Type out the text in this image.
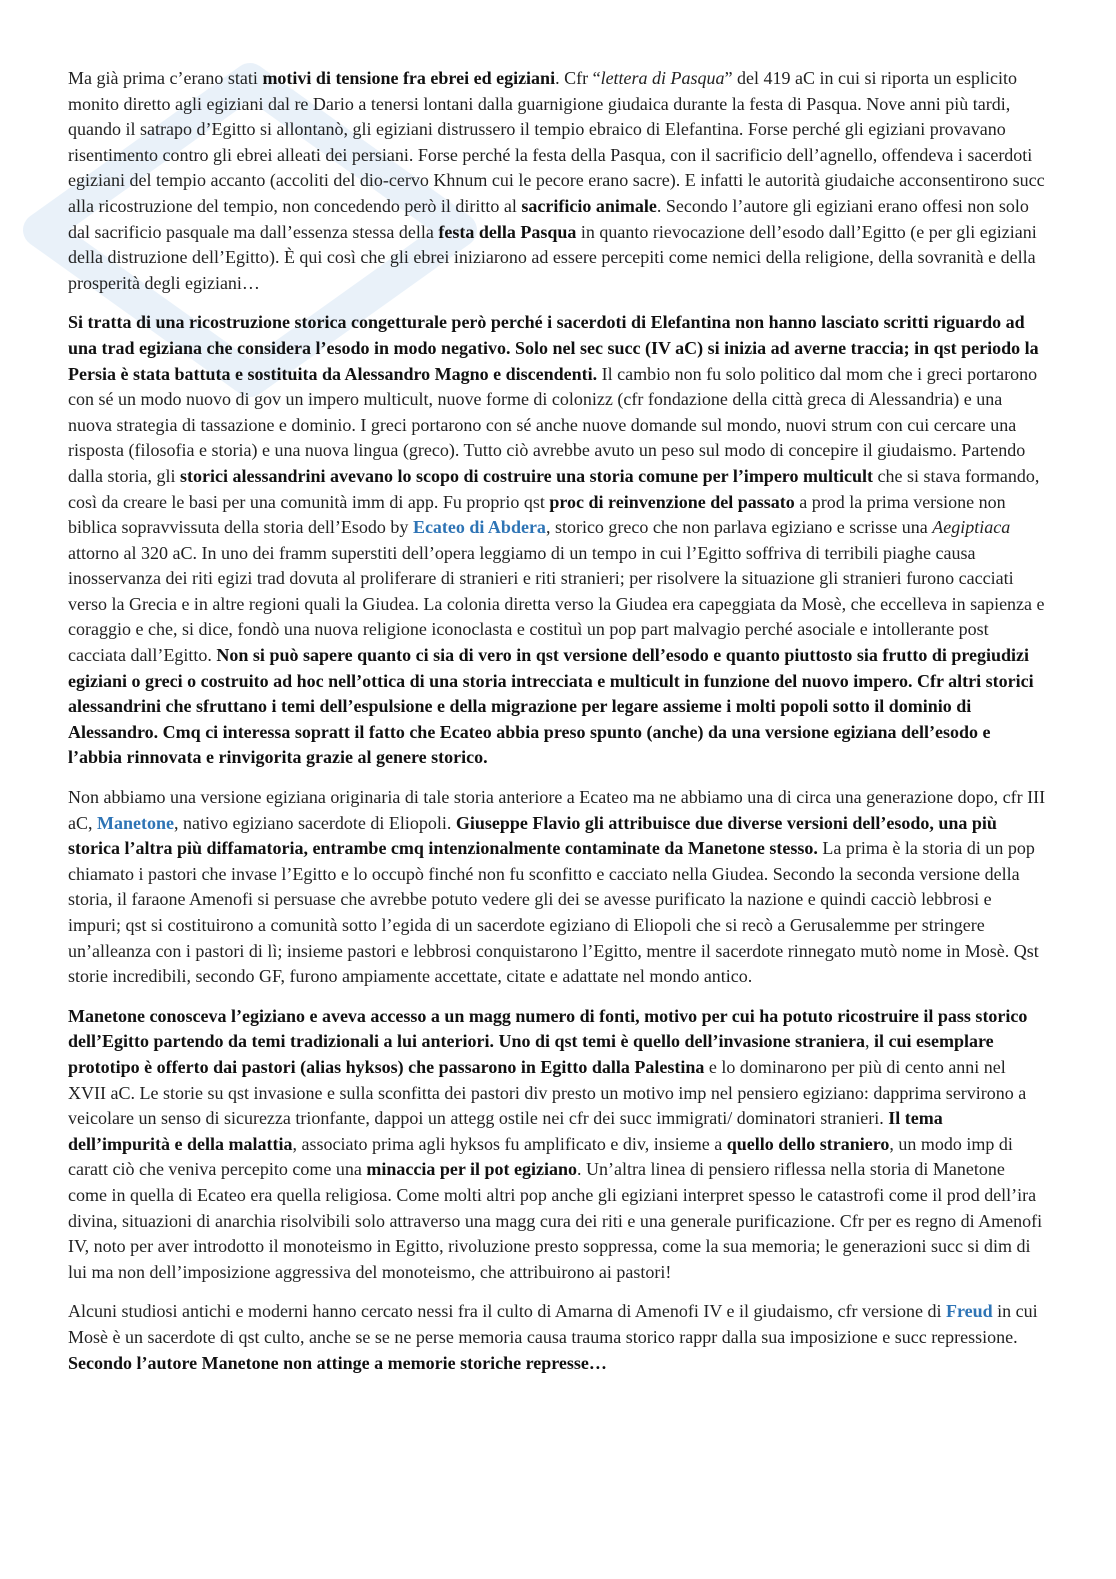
Ma già prima c’erano stati motivi di tensione fra ebrei ed egiziani. Cfr “lettera di Pasqua” del 419 aC in cui si riporta un esplicito monito diretto agli egiziani dal re Dario a tenersi lontani dalla guarnigione giudaica durante la festa di Pasqua. Nove anni più tardi, quando il satrapo d’Egitto si allontanò, gli egiziani distrussero il tempio ebraico di Elefantina. Forse perché gli egiziani provavano risentimento contro gli ebrei alleati dei persiani. Forse perché la festa della Pasqua, con il sacrificio dell’agnello, offendeva i sacerdoti egiziani del tempio accanto (accoliti del dio-cervo Khnum cui le pecore erano sacre). E infatti le autorità giudaiche acconsentirono succ alla ricostruzione del tempio, non concedendo però il diritto al sacrificio animale. Secondo l’autore gli egiziani erano offesi non solo dal sacrificio pasquale ma dall’essenza stessa della festa della Pasqua in quanto rievocazione dell’esodo dall’Egitto (e per gli egiziani della distruzione dell’Egitto). È qui così che gli ebrei iniziarono ad essere percepiti come nemici della religione, della sovranità e della prosperità degli egiziani…

Si tratta di una ricostruzione storica congetturale però perché i sacerdoti di Elefantina non hanno lasciato scritti riguardo ad una trad egiziana che considera l’esodo in modo negativo. Solo nel sec succ (IV aC) si inizia ad averne traccia; in qst periodo la Persia è stata battuta e sostituita da Alessandro Magno e discendenti. Il cambio non fu solo politico dal mom che i greci portarono con sé un modo nuovo di gov un impero multicult, nuove forme di colonizz (cfr fondazione della città greca di Alessandria) e una nuova strategia di tassazione e dominio. I greci portarono con sé anche nuove domande sul mondo, nuovi strum con cui cercare una risposta (filosofia e storia) e una nuova lingua (greco). Tutto ciò avrebbe avuto un peso sul modo di concepire il giudaismo. Partendo dalla storia, gli storici alessandrini avevano lo scopo di costruire una storia comune per l’impero multicult che si stava formando, così da creare le basi per una comunità imm di app. Fu proprio qst proc di reinvenzione del passato a prod la prima versione non biblica sopravvissuta della storia dell’Esodo by Ecateo di Abdera, storico greco che non parlava egiziano e scrisse una Aegiptiaca attorno al 320 aC. In uno dei framm superstiti dell’opera leggiamo di un tempo in cui l’Egitto soffriva di terribili piaghe causa inosservanza dei riti egizi trad dovuta al proliferare di stranieri e riti stranieri; per risolvere la situazione gli stranieri furono cacciati verso la Grecia e in altre regioni quali la Giudea. La colonia diretta verso la Giudea era capeggiata da Mosè, che eccelleva in sapienza e coraggio e che, si dice, fondò una nuova religione iconoclasta e costituì un pop part malvagio perché asociale e intollerante post cacciata dall’Egitto. Non si può sapere quanto ci sia di vero in qst versione dell’esodo e quanto piuttosto sia frutto di pregiudizi egiziani o greci o costruito ad hoc nell’ottica di una storia intrecciata e multicult in funzione del nuovo impero. Cfr altri storici alessandrini che sfruttano i temi dell’espulsione e della migrazione per legare assieme i molti popoli sotto il dominio di Alessandro. Cmq ci interessa sopratt il fatto che Ecateo abbia preso spunto (anche) da una versione egiziana dell’esodo e l’abbia rinnovata e rinvigorita grazie al genere storico.

Non abbiamo una versione egiziana originaria di tale storia anteriore a Ecateo ma ne abbiamo una di circa una generazione dopo, cfr III aC, Manetone, nativo egiziano sacerdote di Eliopoli. Giuseppe Flavio gli attribuisce due diverse versioni dell’esodo, una più storica l’altra più diffamatoria, entrambe cmq intenzionalmente contaminate da Manetone stesso. La prima è la storia di un pop chiamato i pastori che invase l’Egitto e lo occupò finché non fu sconfitto e cacciato nella Giudea. Secondo la seconda versione della storia, il faraone Amenofi si persuase che avrebbe potuto vedere gli dei se avesse purificato la nazione e quindi cacciò lebbrosi e impuri; qst si costituirono a comunità sotto l’egida di un sacerdote egiziano di Eliopoli che si recò a Gerusalemme per stringere un’alleanza con i pastori di lì; insieme pastori e lebbrosi conquistarono l’Egitto, mentre il sacerdote rinnegato mutò nome in Mosè. Qst storie incredibili, secondo GF, furono ampiamente accettate, citate e adattate nel mondo antico.

Manetone conosceva l’egiziano e aveva accesso a un magg numero di fonti, motivo per cui ha potuto ricostruire il pass storico dell’Egitto partendo da temi tradizionali a lui anteriori. Uno di qst temi è quello dell’invasione straniera, il cui esemplare prototipo è offerto dai pastori (alias hyksos) che passarono in Egitto dalla Palestina e lo dominarono per più di cento anni nel XVII aC. Le storie su qst invasione e sulla sconfitta dei pastori div presto un motivo imp nel pensiero egiziano: dapprima servirono a veicolare un senso di sicurezza trionfante, dappoi un attegg ostile nei cfr dei succ immigrati/ dominatori stranieri. Il tema dell’impurità e della malattia, associato prima agli hyksos fu amplificato e div, insieme a quello dello straniero, un modo imp di caratt ciò che veniva percepito come una minaccia per il pot egiziano. Un’altra linea di pensiero riflessa nella storia di Manetone come in quella di Ecateo era quella religiosa. Come molti altri pop anche gli egiziani interpret spesso le catastrofi come il prod dell’ira divina, situazioni di anarchia risolvibili solo attraverso una magg cura dei riti e una generale purificazione. Cfr per es regno di Amenofi IV, noto per aver introdotto il monoteismo in Egitto, rivoluzione presto soppressa, come la sua memoria; le generazioni succ si dim di lui ma non dell’imposizione aggressiva del monoteismo, che attribuirono ai pastori!

Alcuni studiosi antichi e moderni hanno cercato nessi fra il culto di Amarna di Amenofi IV e il giudaismo, cfr versione di Freud in cui Mosè è un sacerdote di qst culto, anche se se ne perse memoria causa trauma storico rappr dalla sua imposizione e succ repressione. Secondo l’autore Manetone non attinge a memorie storiche represse…
